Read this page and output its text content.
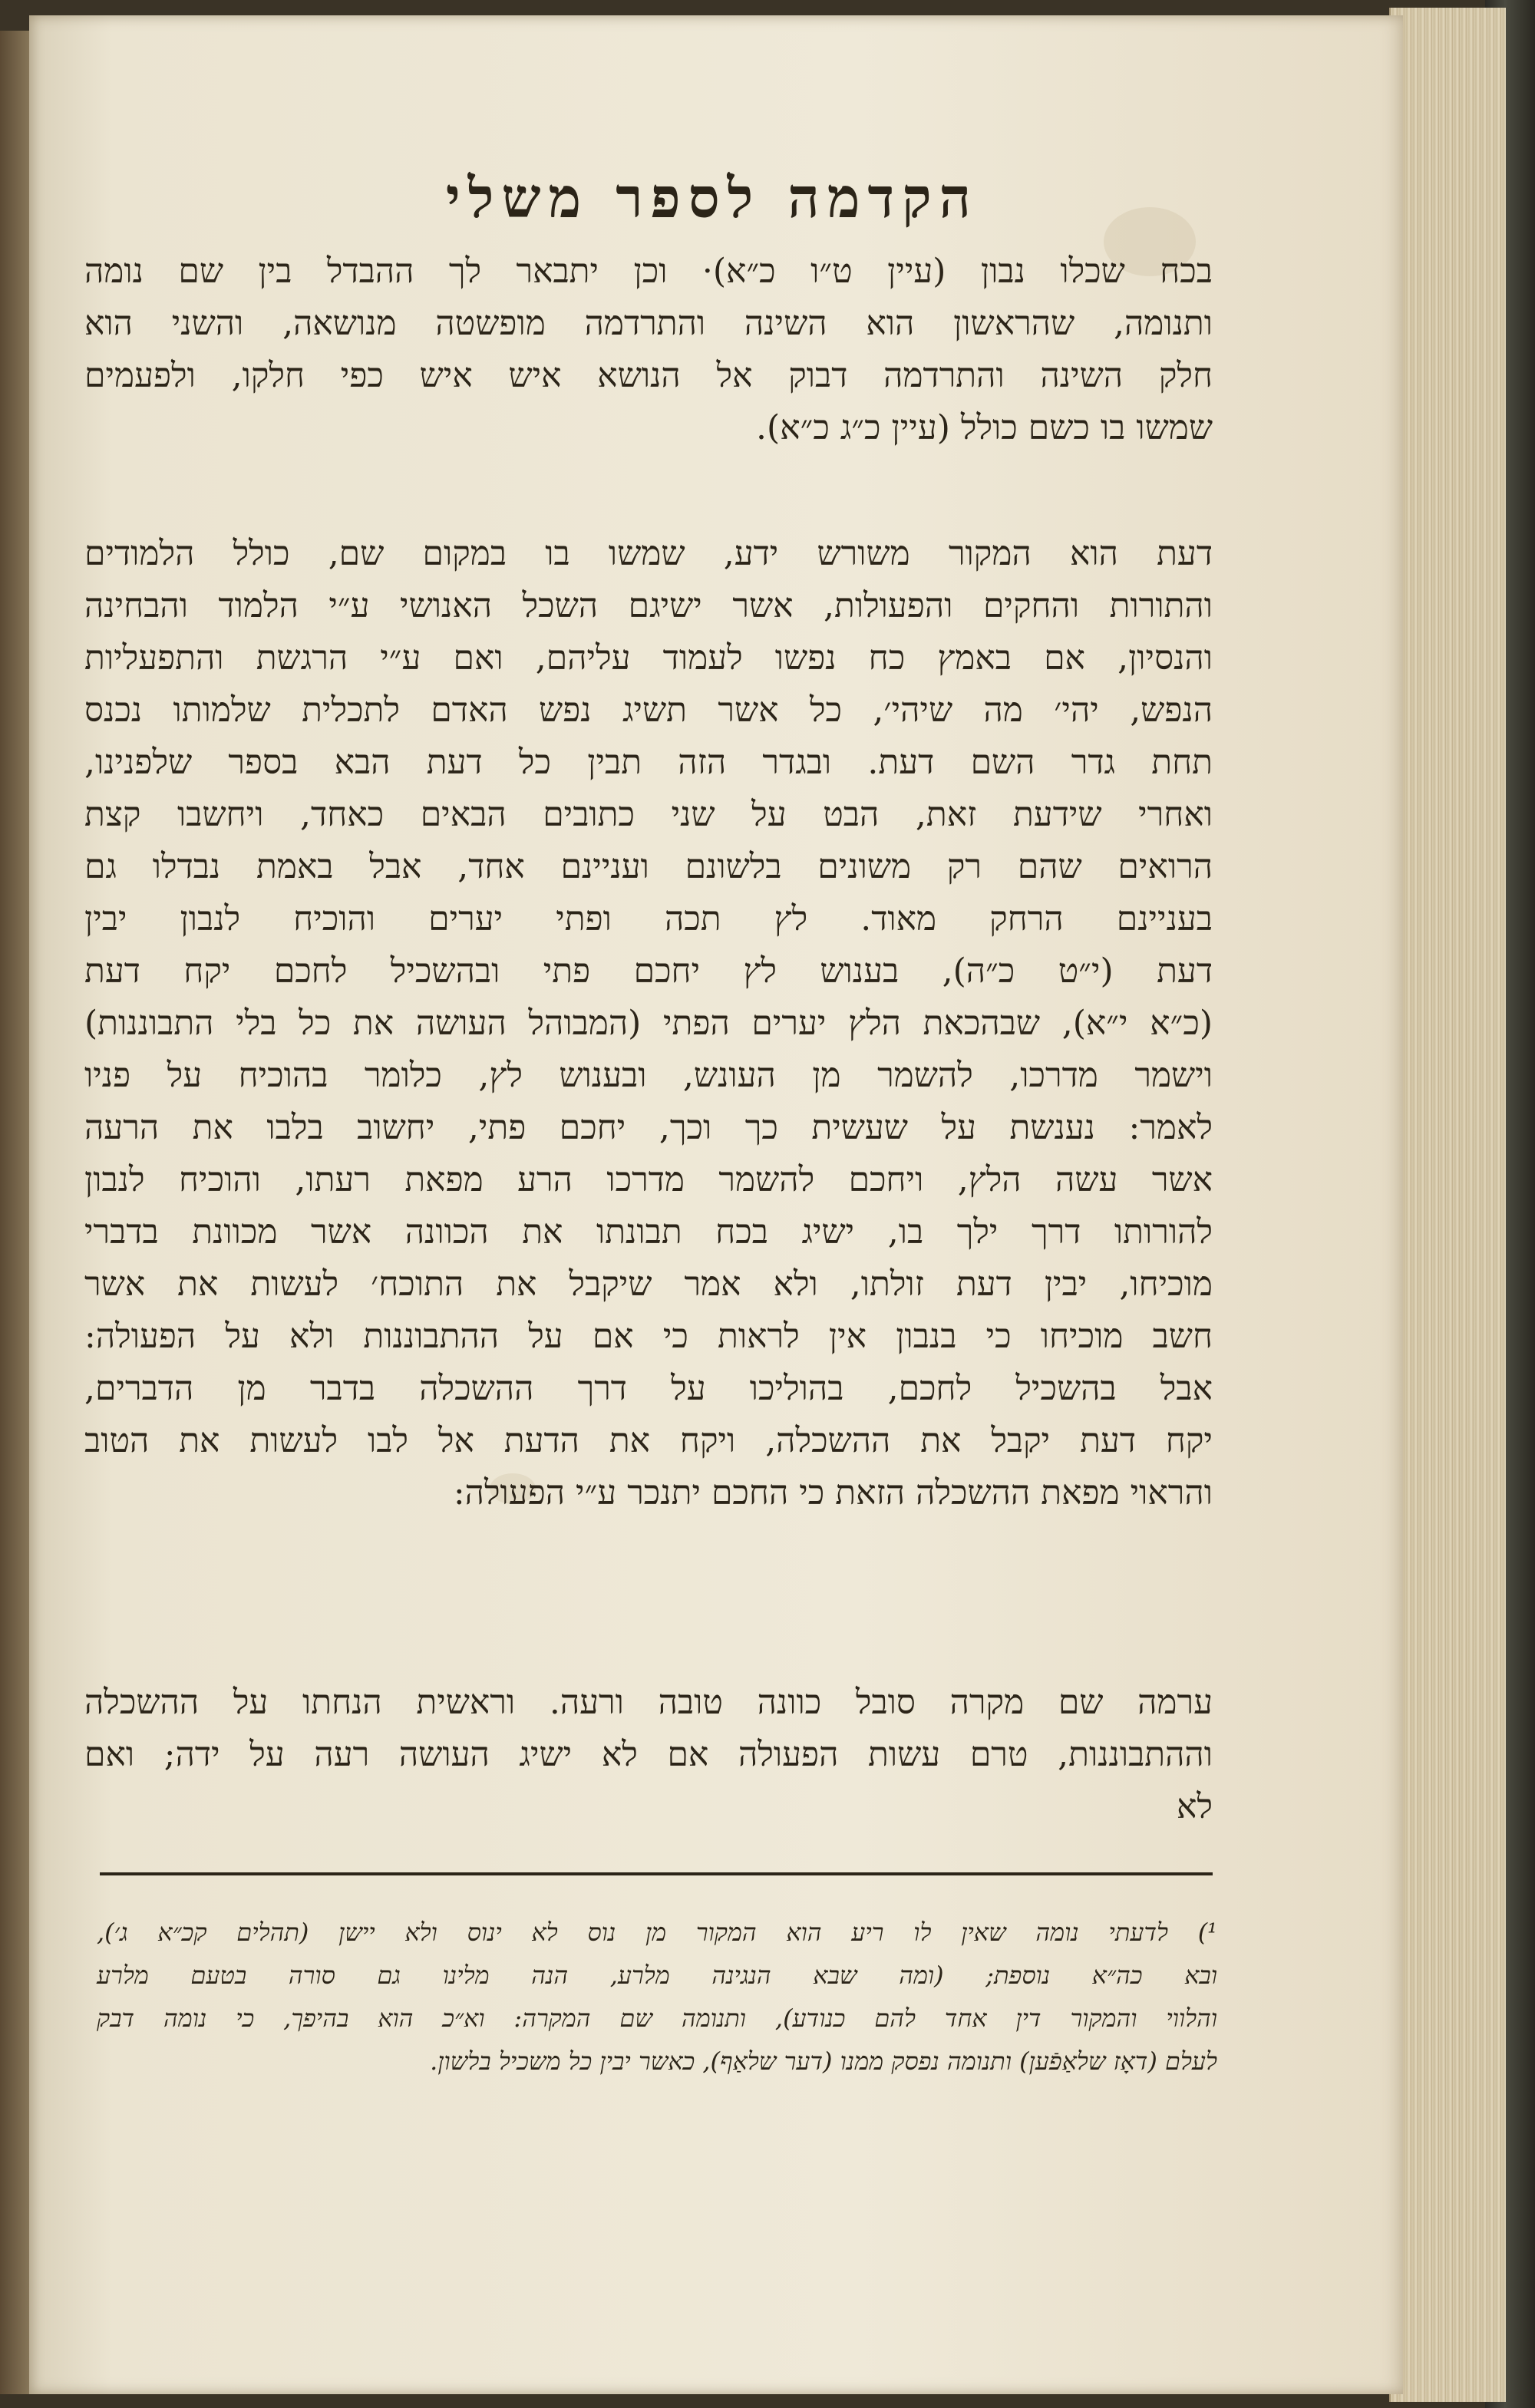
הקדמה לספר משלי
בכח שכלו נבון (עיין ט״ו כ״א)· וכן יתבאר לך ההבדל בין שם נומה
ותנומה, שהראשון הוא השינה והתרדמה מופשטה מנושאה, והשני הוא
חלק השינה והתרדמה דבוק אל הנושא איש איש כפי חלקו, ולפעמים
שמשו בו כשם כולל (עיין כ״ג כ״א).
דעת הוא המקור משורש ידע, שמשו בו במקום שם, כולל הלמודים
והתורות והחקים והפעולות, אשר ישיגם השכל האנושי ע״י הלמוד והבחינה
והנסיון, אם באמץ כח נפשו לעמוד עליהם, ואם ע״י הרגשת והתפעליות
הנפש, יהי׳ מה שיהי׳, כל אשר תשיג נפש האדם לתכלית שלמותו נכנס
תחת גדר השם דעת. ובגדר הזה תבין כל דעת הבא בספר שלפנינו,
ואחרי שידעת זאת, הבט על שני כתובים הבאים כאחד, ויחשבו קצת
הרואים שהם רק משונים בלשונם ועניינם אחד, אבל באמת נבדלו גם
בעניינם הרחק מאוד. לץ תכה ופתי יערים והוכיח לנבון יבין
דעת (י״ט כ״ה), בענוש לץ יחכם פתי ובהשכיל לחכם יקח דעת
(כ״א י״א), שבהכאת הלץ יערים הפתי (המבוהל העושה את כל בלי התבוננות)
וישמר מדרכו, להשמר מן העונש, ובענוש לץ, כלומר בהוכיח על פניו
לאמר: נענשת על שעשית כך וכך, יחכם פתי, יחשוב בלבו את הרעה
אשר עשה הלץ, ויחכם להשמר מדרכו הרע מפאת רעתו, והוכיח לנבון
להורותו דרך ילך בו, ישיג בכח תבונתו את הכוונה אשר מכוונת בדברי
מוכיחו, יבין דעת זולתו, ולא אמר שיקבל את התוכח׳ לעשות את אשר
חשב מוכיחו כי בנבון אין לראות כי אם על ההתבוננות ולא על הפעולה:
אבל בהשכיל לחכם, בהוליכו על דרך ההשכלה בדבר מן הדברים,
יקח דעת יקבל את ההשכלה, ויקח את הדעת אל לבו לעשות את הטוב
והראוי מפאת ההשכלה הזאת כי החכם יתנכר ע״י הפעולה:
ערמה שם מקרה סובל כוונה טובה ורעה. וראשית הנחתו על ההשכלה
וההתבוננות, טרם עשות הפעולה אם לא ישיג העושה רעה על ידה; ואם
לא
¹) לדעתי נומה שאין לו ריע הוא המקור מן נוס לא ינוס ולא יישן (תהלים קכ״א ג׳),
ובא כה״א נוספת; (ומה שבא הנגינה מלרע, הנה מלינו גם סורה בטעם מלרע
והלווי והמקור דין אחד להם כנודע), ותנומה שם המקרה: וא״כ הוא בהיפך, כי נומה דבק
לעלם (דאָז שלאַפֿען) ותנומה נפסק ממנו (דער שלאַף), כאשר יבין כל משכיל בלשון.
